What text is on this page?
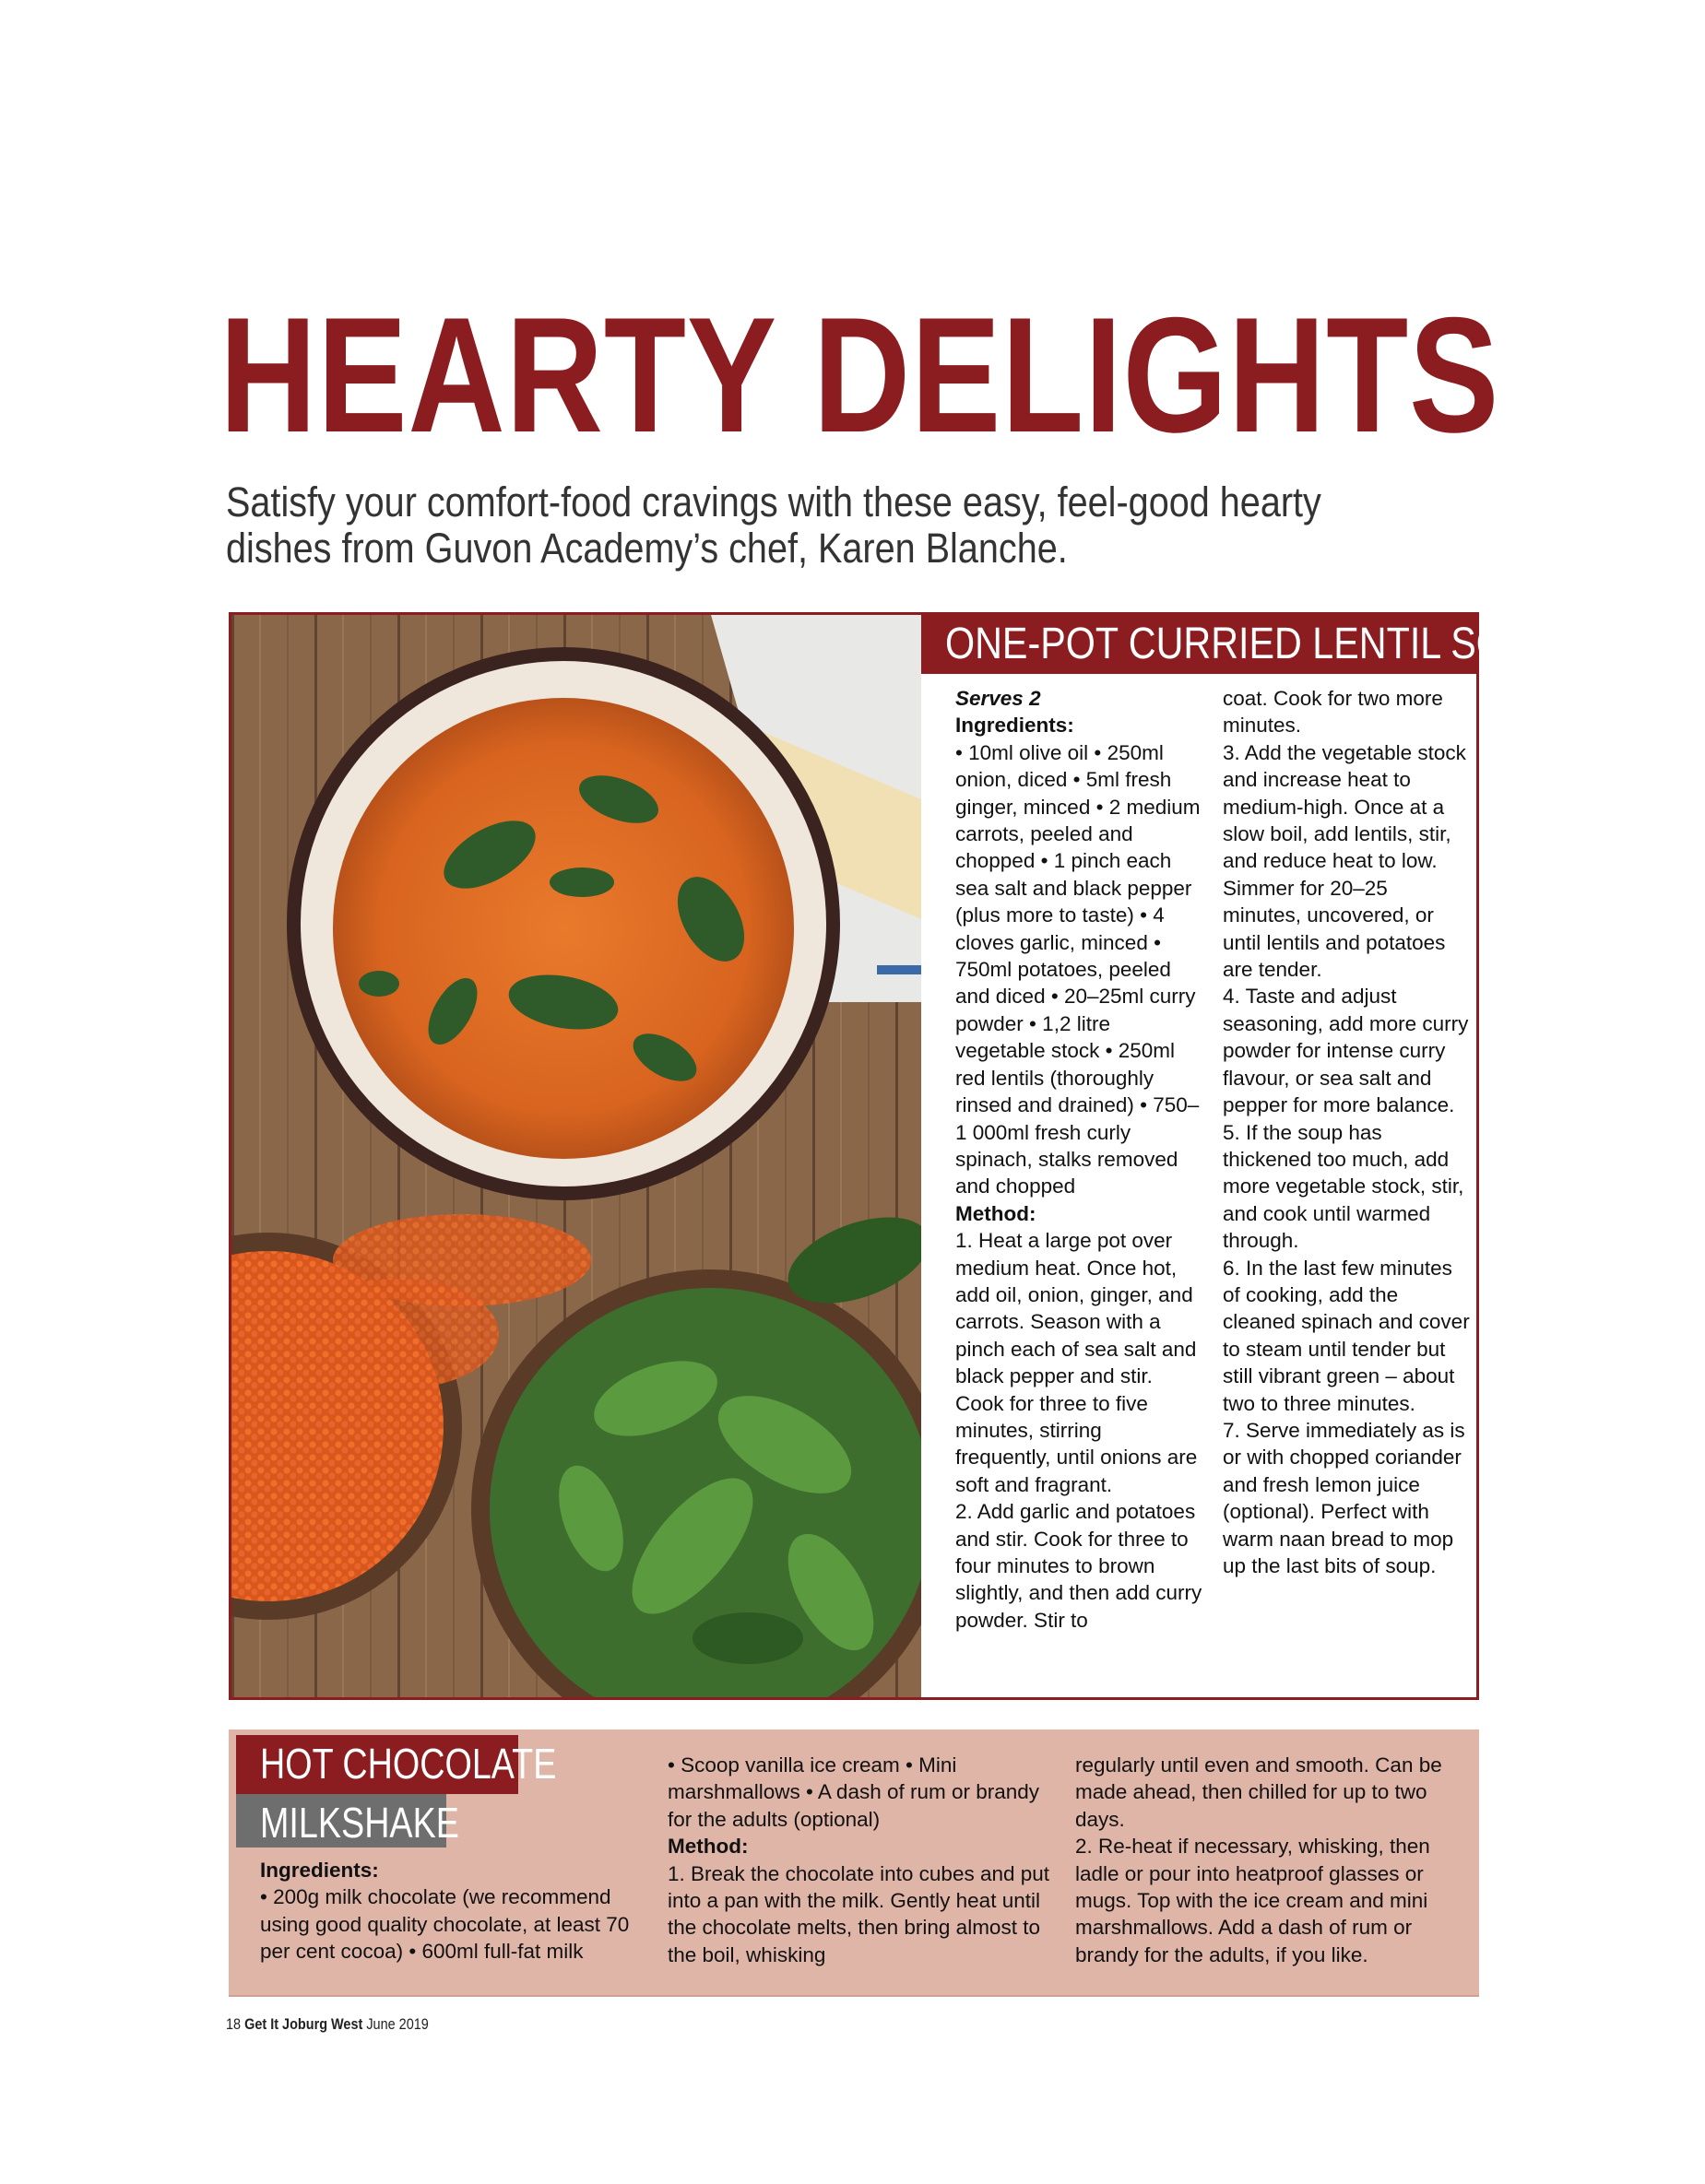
HEARTY DELIGHTS

Satisfy your comfort-food cravings with these easy, feel-good hearty dishes from Guvon Academy’s chef, Karen Blanche.

ONE-POT CURRIED LENTIL SOUP

Serves 2

Ingredients:

• 10ml olive oil • 250ml onion, diced • 5ml fresh ginger, minced • 2 medium carrots, peeled and chopped • 1 pinch each sea salt and black pepper (plus more to taste) • 4 cloves garlic, minced • 750ml potatoes, peeled and diced • 20–25ml curry powder • 1,2 litre vegetable stock • 250ml red lentils (thoroughly rinsed and drained) • 750–1 000ml fresh curly spinach, stalks removed and chopped

Method:

1. Heat a large pot over medium heat. Once hot, add oil, onion, ginger, and carrots. Season with a pinch each of sea salt and black pepper and stir. Cook for three to five minutes, stirring frequently, until onions are soft and fragrant.

2. Add garlic and potatoes and stir. Cook for three to four minutes to brown slightly, and then add curry powder. Stir to

coat. Cook for two more minutes.

3. Add the vegetable stock and increase heat to medium-high. Once at a slow boil, add lentils, stir, and reduce heat to low. Simmer for 20–25 minutes, uncovered, or until lentils and potatoes are tender.

4. Taste and adjust seasoning, add more curry powder for intense curry flavour, or sea salt and pepper for more balance.

5. If the soup has thickened too much, add more vegetable stock, stir, and cook until warmed through.

6. In the last few minutes of cooking, add the cleaned spinach and cover to steam until tender but still vibrant green – about two to three minutes.

7. Serve immediately as is or with chopped coriander and fresh lemon juice (optional). Perfect with warm naan bread to mop up the last bits of soup.

HOT CHOCOLATE
MILKSHAKE

Ingredients:

• 200g milk chocolate (we recommend using good quality chocolate, at least 70 per cent cocoa) • 600ml full-fat milk

• Scoop vanilla ice cream • Mini marshmallows • A dash of rum or brandy for the adults (optional)

Method:

1. Break the chocolate into cubes and put into a pan with the milk. Gently heat until the chocolate melts, then bring almost to the boil, whisking

regularly until even and smooth. Can be made ahead, then chilled for up to two days.

2. Re-heat if necessary, whisking, then ladle or pour into heatproof glasses or mugs. Top with the ice cream and mini marshmallows. Add a dash of rum or brandy for the adults, if you like.

18 Get It Joburg West June 2019
